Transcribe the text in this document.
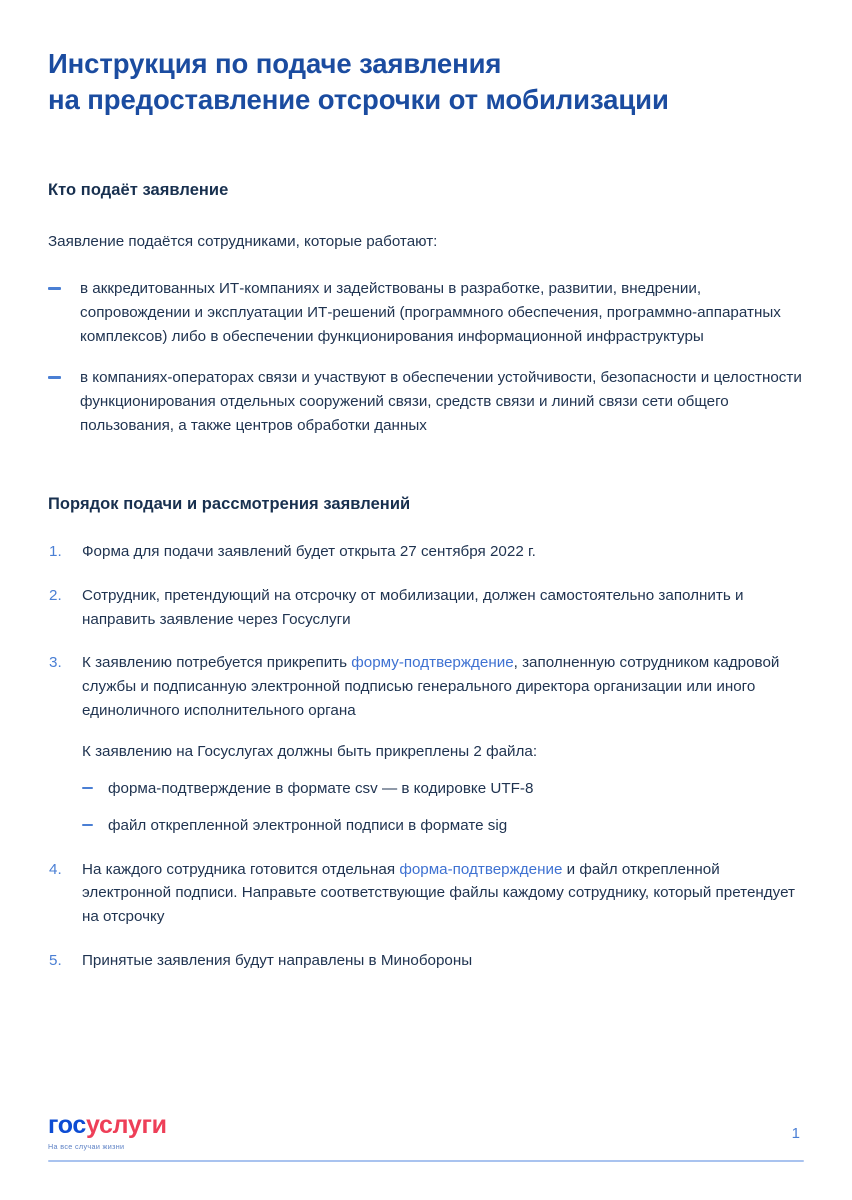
Инструкция по подаче заявления
на предоставление отсрочки от мобилизации
Кто подаёт заявление
Заявление подаётся сотрудниками, которые работают:
в аккредитованных ИТ-компаниях и задействованы в разработке, развитии, внедрении, сопровождении и эксплуатации ИТ-решений (программного обеспечения, программно-аппаратных комплексов) либо в обеспечении функционирования информационной инфраструктуры
в компаниях-операторах связи и участвуют в обеспечении устойчивости, безопасности и целостности функционирования отдельных сооружений связи, средств связи и линий связи сети общего пользования, а также центров обработки данных
Порядок подачи и рассмотрения заявлений
1.	Форма для подачи заявлений будет открыта 27 сентября 2022 г.
2.	Сотрудник, претендующий на отсрочку от мобилизации, должен самостоятельно заполнить и направить заявление через Госуслуги
3.	К заявлению потребуется прикрепить форму-подтверждение, заполненную сотрудником кадровой службы и подписанную электронной подписью генерального директора организации или иного единоличного исполнительного органа
К заявлению на Госуслугах должны быть прикреплены 2 файла:
форма-подтверждение в формате csv — в кодировке UTF-8
файл открепленной электронной подписи в формате sig
4.	На каждого сотрудника готовится отдельная форма-подтверждение и файл открепленной электронной подписи. Направьте соответствующие файлы каждому сотруднику, который претендует на отсрочку
5.	Принятые заявления будут направлены в Минобороны
госуслуги
На все случаи жизни
1
